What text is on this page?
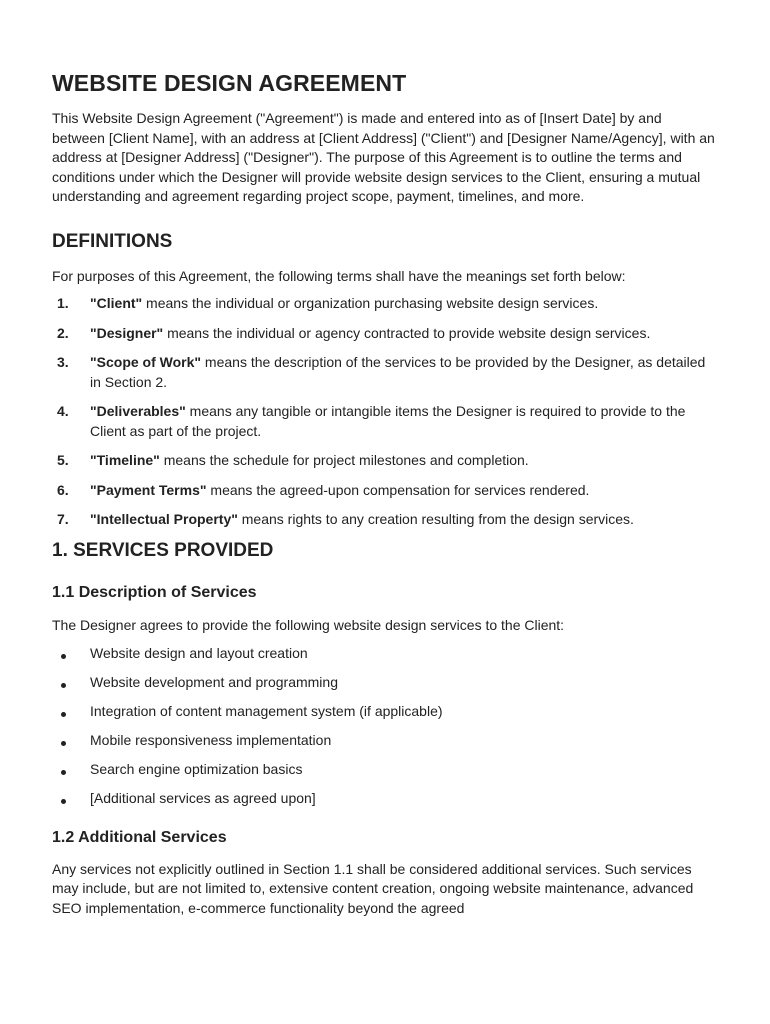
WEBSITE DESIGN AGREEMENT

This Website Design Agreement ("Agreement") is made and entered into as of [Insert Date] by and between [Client Name], with an address at [Client Address] ("Client") and [Designer Name/Agency], with an address at [Designer Address] ("Designer"). The purpose of this Agreement is to outline the terms and conditions under which the Designer will provide website design services to the Client, ensuring a mutual understanding and agreement regarding project scope, payment, timelines, and more.

DEFINITIONS

For purposes of this Agreement, the following terms shall have the meanings set forth below:

1. "Client" means the individual or organization purchasing website design services.
2. "Designer" means the individual or agency contracted to provide website design services.
3. "Scope of Work" means the description of the services to be provided by the Designer, as detailed in Section 2.
4. "Deliverables" means any tangible or intangible items the Designer is required to provide to the Client as part of the project.
5. "Timeline" means the schedule for project milestones and completion.
6. "Payment Terms" means the agreed-upon compensation for services rendered.
7. "Intellectual Property" means rights to any creation resulting from the design services.
1. SERVICES PROVIDED
1.1 Description of Services

The Designer agrees to provide the following website design services to the Client:

Website design and layout creation
Website development and programming
Integration of content management system (if applicable)
Mobile responsiveness implementation
Search engine optimization basics
[Additional services as agreed upon]
1.2 Additional Services

Any services not explicitly outlined in Section 1.1 shall be considered additional services. Such services may include, but are not limited to, extensive content creation, ongoing website maintenance, advanced SEO implementation, e-commerce functionality beyond the agreed
